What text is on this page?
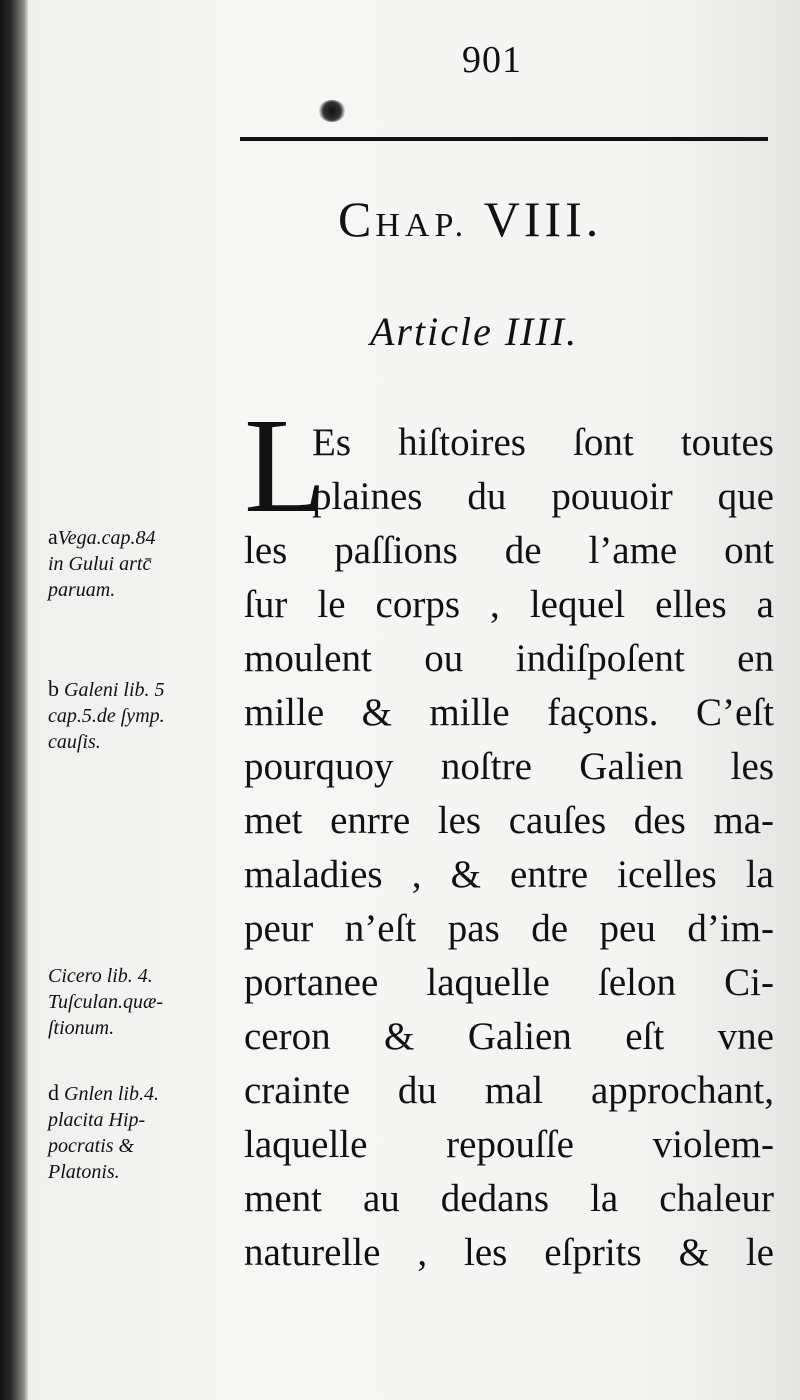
901
CHAP. VIII.
Article IIII.
L
Es hiſtoires ſont toutes
plaines du pouuoir que
les paſſions de l’ame ont
ſur le corps , lequel elles a
moulent ou indiſpoſent en
mille & mille façons. C’eſt
pourquoy noſtre Galien les
met enrre les cauſes des ma-
maladies , & entre icelles la
peur n’eſt pas de peu d’im-
portanee laquelle ſelon Ci-
ceron & Galien eſt vne
crainte du mal approchant,
laquelle repouſſe violem-
ment au dedans la chaleur
naturelle , les eſprits & le
aVega.cap.84
in Gului artc̄
paruam.
b Galeni lib. 5
cap.5.de ſymp.
cauſis.
Cicero lib. 4.
Tuſculan.quæ-
ſtionum.
d Gnlen lib.4.
placita Hip-
pocratis &
Platonis.
